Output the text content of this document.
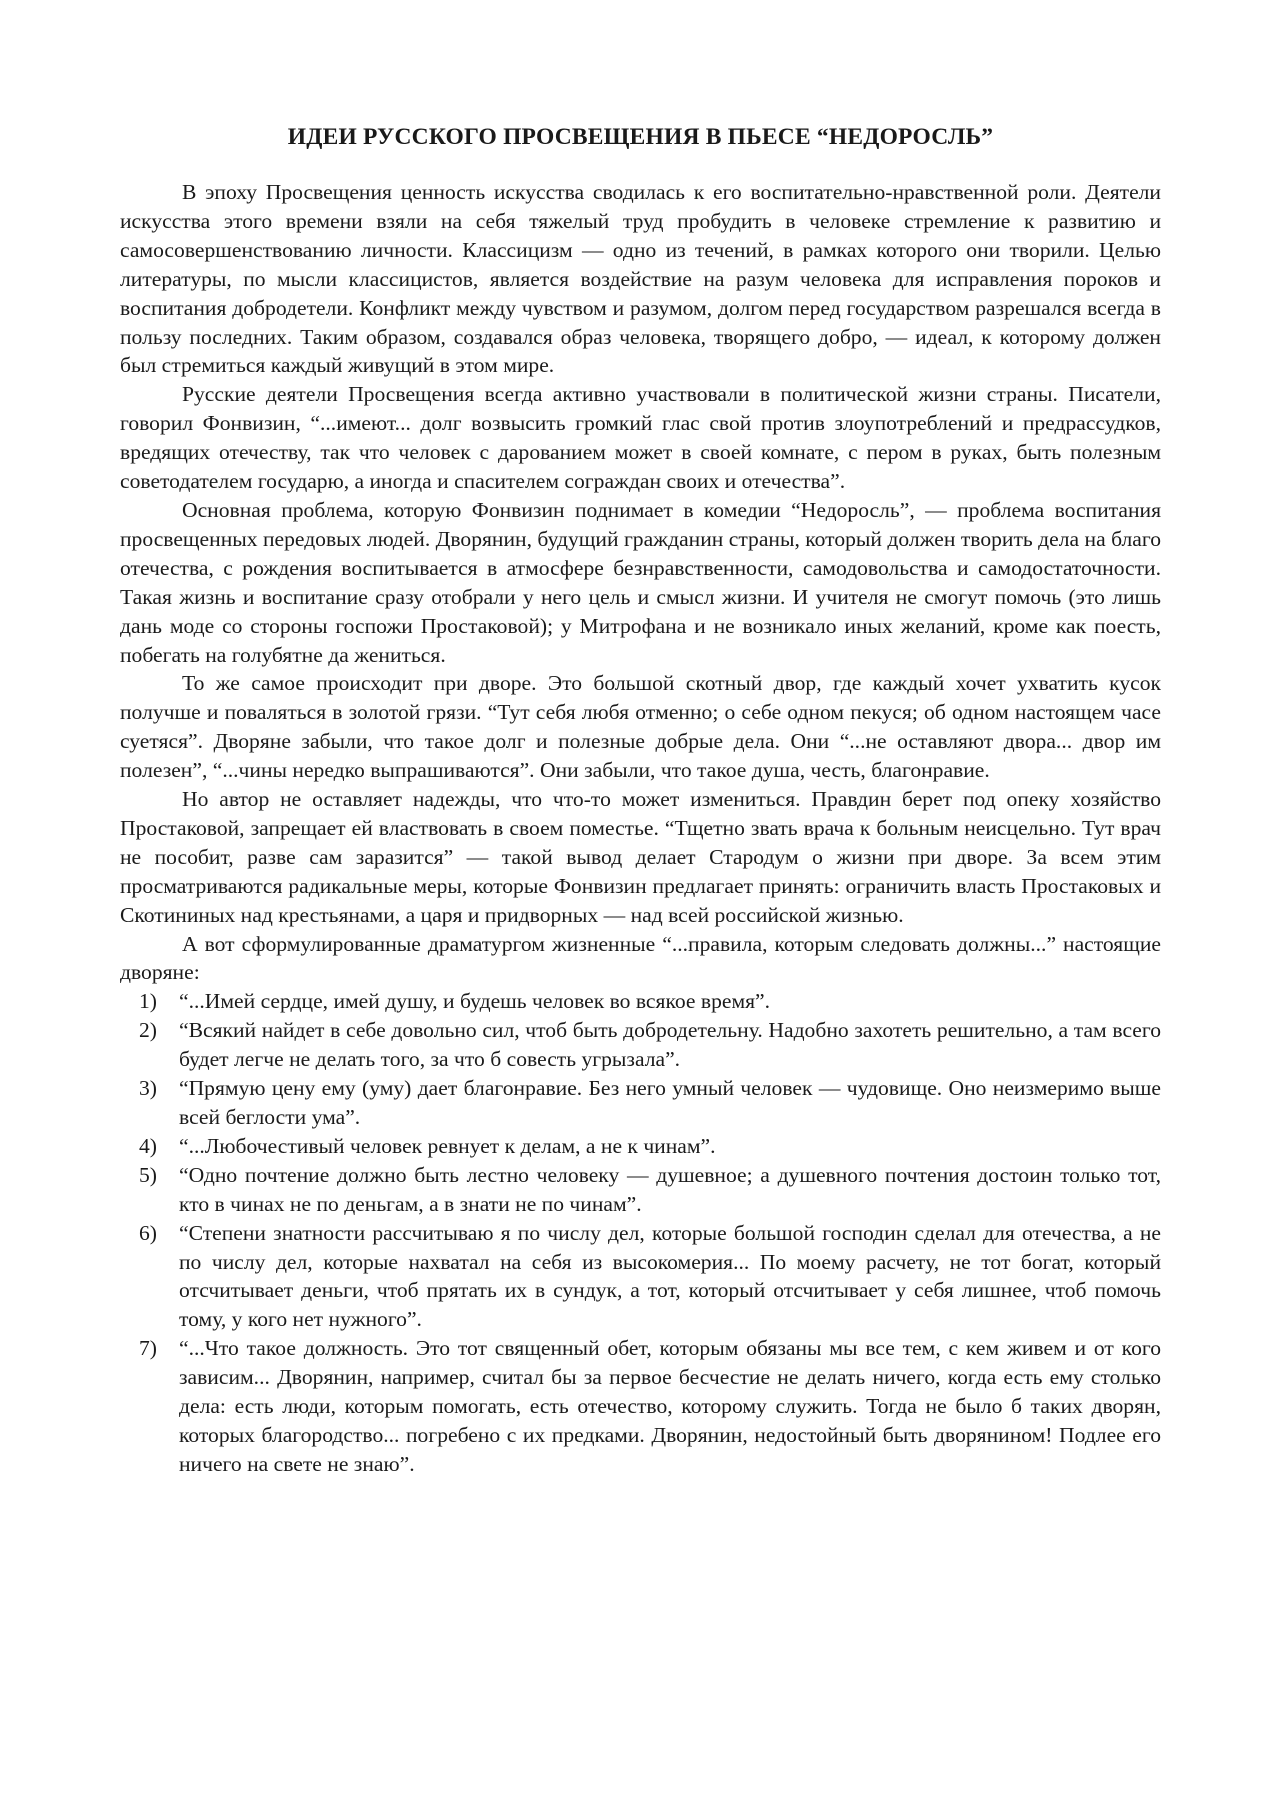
ИДЕИ РУССКОГО ПРОСВЕЩЕНИЯ В ПЬЕСЕ “НЕДОРОСЛЬ”

В эпоху Просвещения ценность искусства сводилась к его воспитательно-нравственной роли. Деятели искусства этого времени взяли на себя тяжелый труд пробудить в человеке стремление к развитию и самосовершенствованию личности. Классицизм — одно из течений, в рамках которого они творили. Целью литературы, по мысли классицистов, является воздействие на разум человека для исправления пороков и воспитания добродетели. Конфликт между чувством и разумом, долгом перед государством разрешался всегда в пользу последних. Таким образом, создавался образ человека, творящего добро, — идеал, к которому должен был стремиться каждый живущий в этом мире.

Русские деятели Просвещения всегда активно участвовали в политической жизни страны. Писатели, говорил Фонвизин, “...имеют... долг возвысить громкий глас свой против злоупотреблений и предрассудков, вредящих отечеству, так что человек с дарованием может в своей комнате, с пером в руках, быть полезным советодателем государю, а иногда и спасителем сограждан своих и отечества”.

Основная проблема, которую Фонвизин поднимает в комедии “Недоросль”, — проблема воспитания просвещенных передовых людей. Дворянин, будущий гражданин страны, который должен творить дела на благо отечества, с рождения воспитывается в атмосфере безнравственности, самодовольства и самодостаточности. Такая жизнь и воспитание сразу отобрали у него цель и смысл жизни. И учителя не смогут помочь (это лишь дань моде со стороны госпожи Простаковой); у Митрофана и не возникало иных желаний, кроме как поесть, побегать на голубятне да жениться.

То же самое происходит при дворе. Это большой скотный двор, где каждый хочет ухватить кусок получше и поваляться в золотой грязи. “Тут себя любя отменно; о себе одном пекуся; об одном настоящем часе суетяся”. Дворяне забыли, что такое долг и полезные добрые дела. Они “...не оставляют двора... двор им полезен”, “...чины нередко выпрашиваются”. Они забыли, что такое душа, честь, благонравие.

Но автор не оставляет надежды, что что-то может измениться. Правдин берет под опеку хозяйство Простаковой, запрещает ей властвовать в своем поместье. “Тщетно звать врача к больным неисцельно. Тут врач не пособит, разве сам заразится” — такой вывод делает Стародум о жизни при дворе. За всем этим просматриваются радикальные меры, которые Фонвизин предлагает принять: ограничить власть Простаковых и Скотининых над крестьянами, а царя и придворных — над всей российской жизнью.

А вот сформулированные драматургом жизненные “...правила, которым следовать должны...” настоящие дворяне:

1) “...Имей сердце, имей душу, и будешь человек во всякое время”.
2) “Всякий найдет в себе довольно сил, чтоб быть добродетельну. Надобно захотеть решительно, а там всего будет легче не делать того, за что б совесть угрызала”.
3) “Прямую цену ему (уму) дает благонравие. Без него умный человек — чудовище. Оно неизмеримо выше всей беглости ума”.
4) “...Любочестивый человек ревнует к делам, а не к чинам”.
5) “Одно почтение должно быть лестно человеку — душевное; а душевного почтения достоин только тот, кто в чинах не по деньгам, а в знати не по чинам”.
6) “Степени знатности рассчитываю я по числу дел, которые большой господин сделал для отечества, а не по числу дел, которые нахватал на себя из высокомерия... По моему расчету, не тот богат, который отсчитывает деньги, чтоб прятать их в сундук, а тот, который отсчитывает у себя лишнее, чтоб помочь тому, у кого нет нужного”.
7) “...Что такое должность. Это тот священный обет, которым обязаны мы все тем, с кем живем и от кого зависим... Дворянин, например, считал бы за первое бесчестие не делать ничего, когда есть ему столько дела: есть люди, которым помогать, есть отечество, которому служить. Тогда не было б таких дворян, которых благородство... погребено с их предками. Дворянин, недостойный быть дворянином! Подлее его ничего на свете не знаю”.
